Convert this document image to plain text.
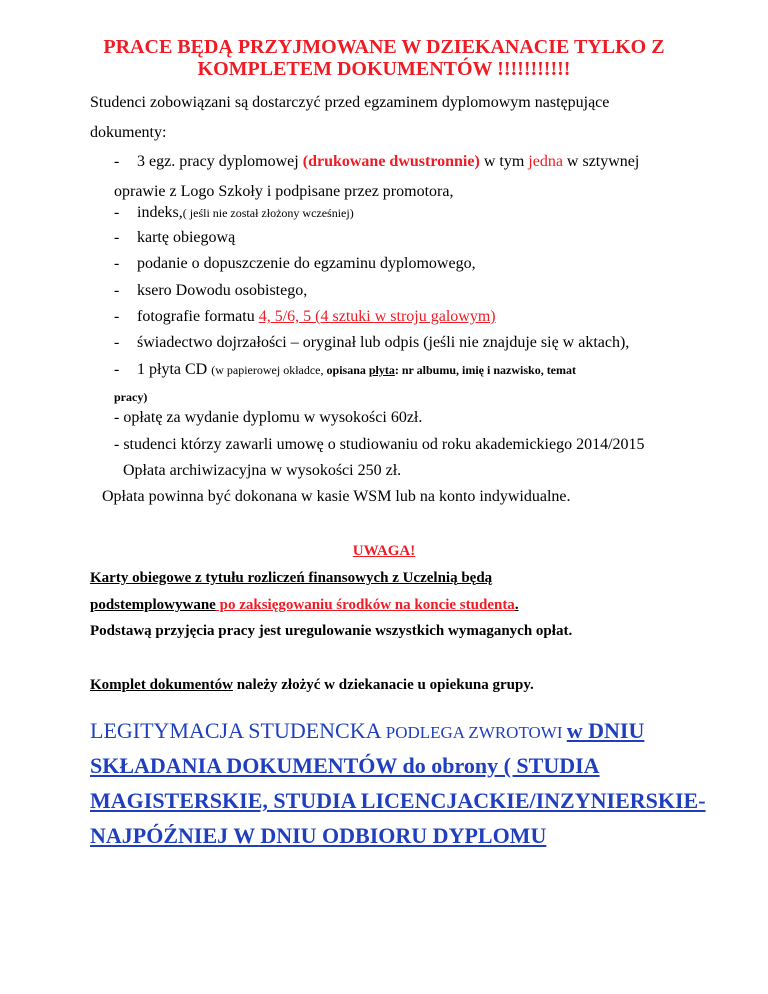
PRACE BĘDĄ PRZYJMOWANE W DZIEKANACIE TYLKO Z
KOMPLETEM DOKUMENTÓW !!!!!!!!!!!
Studenci zobowiązani są dostarczyć przed egzaminem dyplomowym następujące
dokumenty:
- 3 egz. pracy dyplomowej (drukowane dwustronnie) w tym jedna w sztywnej
oprawie z Logo Szkoły i podpisane przez promotora,
- indeks,( jeśli nie został złożony wcześniej)
- kartę obiegową
- podanie o dopuszczenie do egzaminu dyplomowego,
- ksero Dowodu osobistego,
- fotografie formatu 4, 5/6, 5 (4 sztuki w stroju galowym)
- świadectwo dojrzałości – oryginał lub odpis (jeśli nie znajduje się w aktach),
- 1 płyta CD (w papierowej okładce, opisana płyta: nr albumu, imię i nazwisko, temat
pracy)
- opłatę za wydanie dyplomu w wysokości 60zł.
- studenci którzy zawarli umowę o studiowaniu od roku akademickiego 2014/2015
Opłata archiwizacyjna w wysokości 250 zł.
Opłata powinna być dokonana w kasie WSM lub na konto indywidualne.
UWAGA!
Karty obiegowe z tytułu rozliczeń finansowych z Uczelnią będą
podstemplowywane po zaksięgowaniu środków na koncie studenta.
Podstawą przyjęcia pracy jest uregulowanie wszystkich wymaganych opłat.
Komplet dokumentów należy złożyć w dziekanacie u opiekuna grupy.
LEGITYMACJA STUDENCKA PODLEGA ZWROTOWI w DNIU
SKŁADANIA DOKUMENTÓW do obrony ( STUDIA
MAGISTERSKIE, STUDIA LICENCJACKIE/INZYNIERSKIE-
NAJPÓŹNIEJ W DNIU ODBIORU DYPLOMU
